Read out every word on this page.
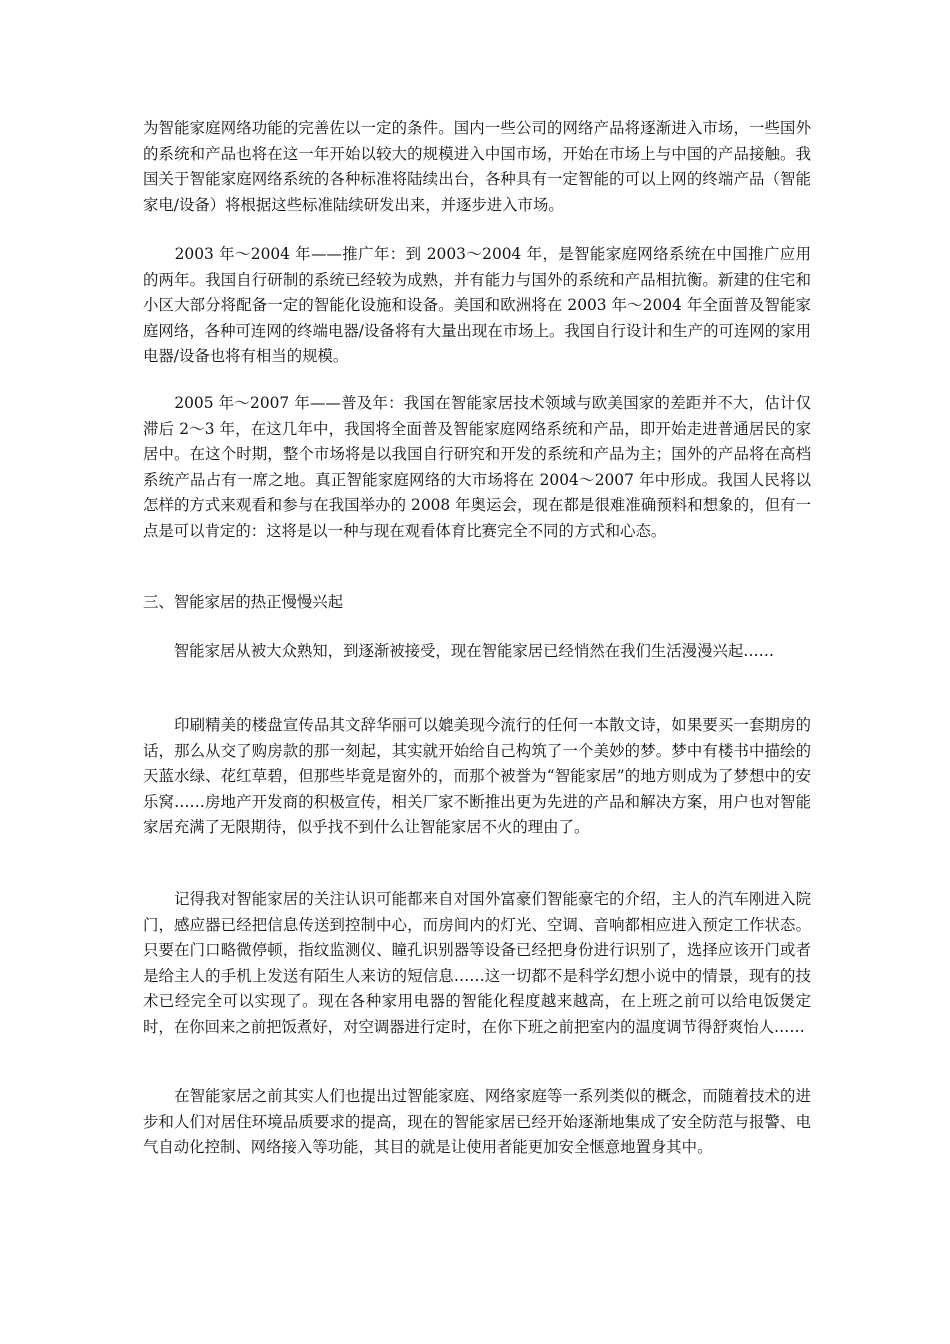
为智能家庭网络功能的完善佐以一定的条件。国内一些公司的网络产品将逐渐进入市场，一些国外的系统和产品也将在这一年开始以较大的规模进入中国市场，开始在市场上与中国的产品接触。我国关于智能家庭网络系统的各种标准将陆续出台，各种具有一定智能的可以上网的终端产品（智能家电/设备）将根据这些标准陆续研发出来，并逐步进入市场。

　　2003 年～2004 年——推广年：到 2003～2004 年，是智能家庭网络系统在中国推广应用的两年。我国自行研制的系统已经较为成熟，并有能力与国外的系统和产品相抗衡。新建的住宅和小区大部分将配备一定的智能化设施和设备。美国和欧洲将在 2003 年～2004 年全面普及智能家庭网络，各种可连网的终端电器/设备将有大量出现在市场上。我国自行设计和生产的可连网的家用电器/设备也将有相当的规模。

　　2005 年～2007 年——普及年：我国在智能家居技术领域与欧美国家的差距并不大，估计仅滞后 2～3 年，在这几年中，我国将全面普及智能家庭网络系统和产品，即开始走进普通居民的家居中。在这个时期，整个市场将是以我国自行研究和开发的系统和产品为主；国外的产品将在高档系统产品占有一席之地。真正智能家庭网络的大市场将在 2004～2007 年中形成。我国人民将以怎样的方式来观看和参与在我国举办的 2008 年奥运会，现在都是很难准确预料和想象的，但有一点是可以肯定的：这将是以一种与现在观看体育比赛完全不同的方式和心态。

三、智能家居的热正慢慢兴起

　　智能家居从被大众熟知，到逐渐被接受，现在智能家居已经悄然在我们生活漫漫兴起……

　　印刷精美的楼盘宣传品其文辞华丽可以媲美现今流行的任何一本散文诗，如果要买一套期房的话，那么从交了购房款的那一刻起，其实就开始给自己构筑了一个美妙的梦。梦中有楼书中描绘的天蓝水绿、花红草碧，但那些毕竟是窗外的，而那个被誉为“智能家居”的地方则成为了梦想中的安乐窝……房地产开发商的积极宣传，相关厂家不断推出更为先进的产品和解决方案，用户也对智能家居充满了无限期待，似乎找不到什么让智能家居不火的理由了。

　　记得我对智能家居的关注认识可能都来自对国外富豪们智能豪宅的介绍，主人的汽车刚进入院门，感应器已经把信息传送到控制中心，而房间内的灯光、空调、音响都相应进入预定工作状态。只要在门口略微停顿，指纹监测仪、瞳孔识别器等设备已经把身份进行识别了，选择应该开门或者是给主人的手机上发送有陌生人来访的短信息……这一切都不是科学幻想小说中的情景，现有的技术已经完全可以实现了。现在各种家用电器的智能化程度越来越高，在上班之前可以给电饭煲定时，在你回来之前把饭煮好，对空调器进行定时，在你下班之前把室内的温度调节得舒爽怡人……

　　在智能家居之前其实人们也提出过智能家庭、网络家庭等一系列类似的概念，而随着技术的进步和人们对居住环境品质要求的提高，现在的智能家居已经开始逐渐地集成了安全防范与报警、电气自动化控制、网络接入等功能，其目的就是让使用者能更加安全惬意地置身其中。
